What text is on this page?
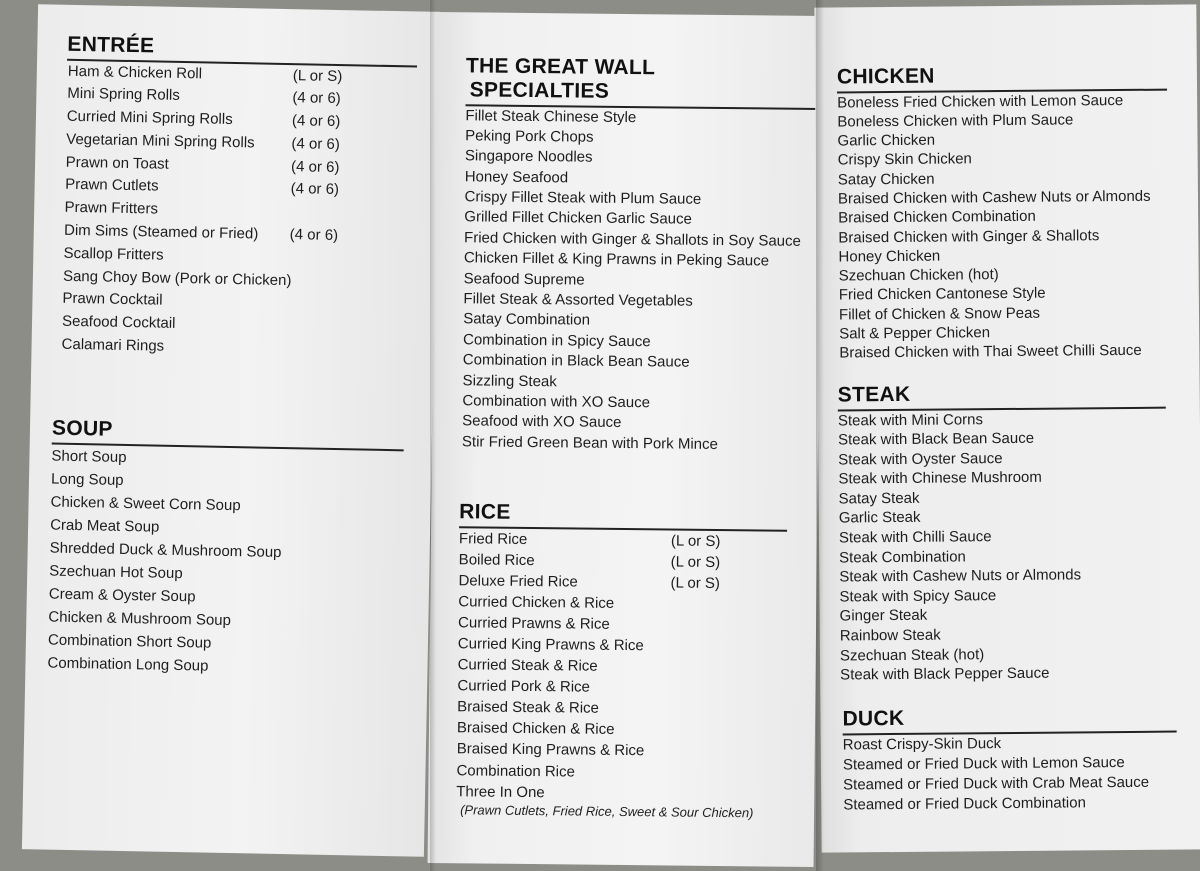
ENTRÉE
Ham & Chicken Roll	(L or S)
Mini Spring Rolls	(4 or 6)
Curried Mini Spring Rolls	(4 or 6)
Vegetarian Mini Spring Rolls (4 or 6)
Prawn on Toast	(4 or 6)
Prawn Cutlets	(4 or 6)
Prawn Fritters
Dim Sims (Steamed or Fried) (4 or 6)
Scallop Fritters
Sang Choy Bow (Pork or Chicken)
Prawn Cocktail
Seafood Cocktail
Calamari Rings
SOUP
Short Soup
Long Soup
Chicken & Sweet Corn Soup
Crab Meat Soup
Shredded Duck & Mushroom Soup
Szechuan Hot Soup
Cream & Oyster Soup
Chicken & Mushroom Soup
Combination Short Soup
Combination Long Soup
THE GREAT WALL
SPECIALTIES
Fillet Steak Chinese Style
Peking Pork Chops
Singapore Noodles
Honey Seafood
Crispy Fillet Steak with Plum Sauce
Grilled Fillet Chicken Garlic Sauce
Fried Chicken with Ginger & Shallots in Soy Sauce
Chicken Fillet & King Prawns in Peking Sauce
Seafood Supreme
Fillet Steak & Assorted Vegetables
Satay Combination
Combination in Spicy Sauce
Combination in Black Bean Sauce
Sizzling Steak
Combination with XO Sauce
Seafood with XO Sauce
Stir Fried Green Bean with Pork Mince
RICE
Fried Rice	(L or S)
Boiled Rice	(L or S)
Deluxe Fried Rice	(L or S)
Curried Chicken & Rice
Curried Prawns & Rice
Curried King Prawns & Rice
Curried Steak & Rice
Curried Pork & Rice
Braised Steak & Rice
Braised Chicken & Rice
Braised King Prawns & Rice
Combination Rice
Three In One
(Prawn Cutlets, Fried Rice, Sweet & Sour Chicken)
CHICKEN
Boneless Fried Chicken with Lemon Sauce
Boneless Chicken with Plum Sauce
Garlic Chicken
Crispy Skin Chicken
Satay Chicken
Braised Chicken with Cashew Nuts or Almonds
Braised Chicken Combination
Braised Chicken with Ginger & Shallots
Honey Chicken
Szechuan Chicken (hot)
Fried Chicken Cantonese Style
Fillet of Chicken & Snow Peas
Salt & Pepper Chicken
Braised Chicken with Thai Sweet Chilli Sauce
STEAK
Steak with Mini Corns
Steak with Black Bean Sauce
Steak with Oyster Sauce
Steak with Chinese Mushroom
Satay Steak
Garlic Steak
Steak with Chilli Sauce
Steak Combination
Steak with Cashew Nuts or Almonds
Steak with Spicy Sauce
Ginger Steak
Rainbow Steak
Szechuan Steak (hot)
Steak with Black Pepper Sauce
DUCK
Roast Crispy-Skin Duck
Steamed or Fried Duck with Lemon Sauce
Steamed or Fried Duck with Crab Meat Sauce
Steamed or Fried Duck Combination
